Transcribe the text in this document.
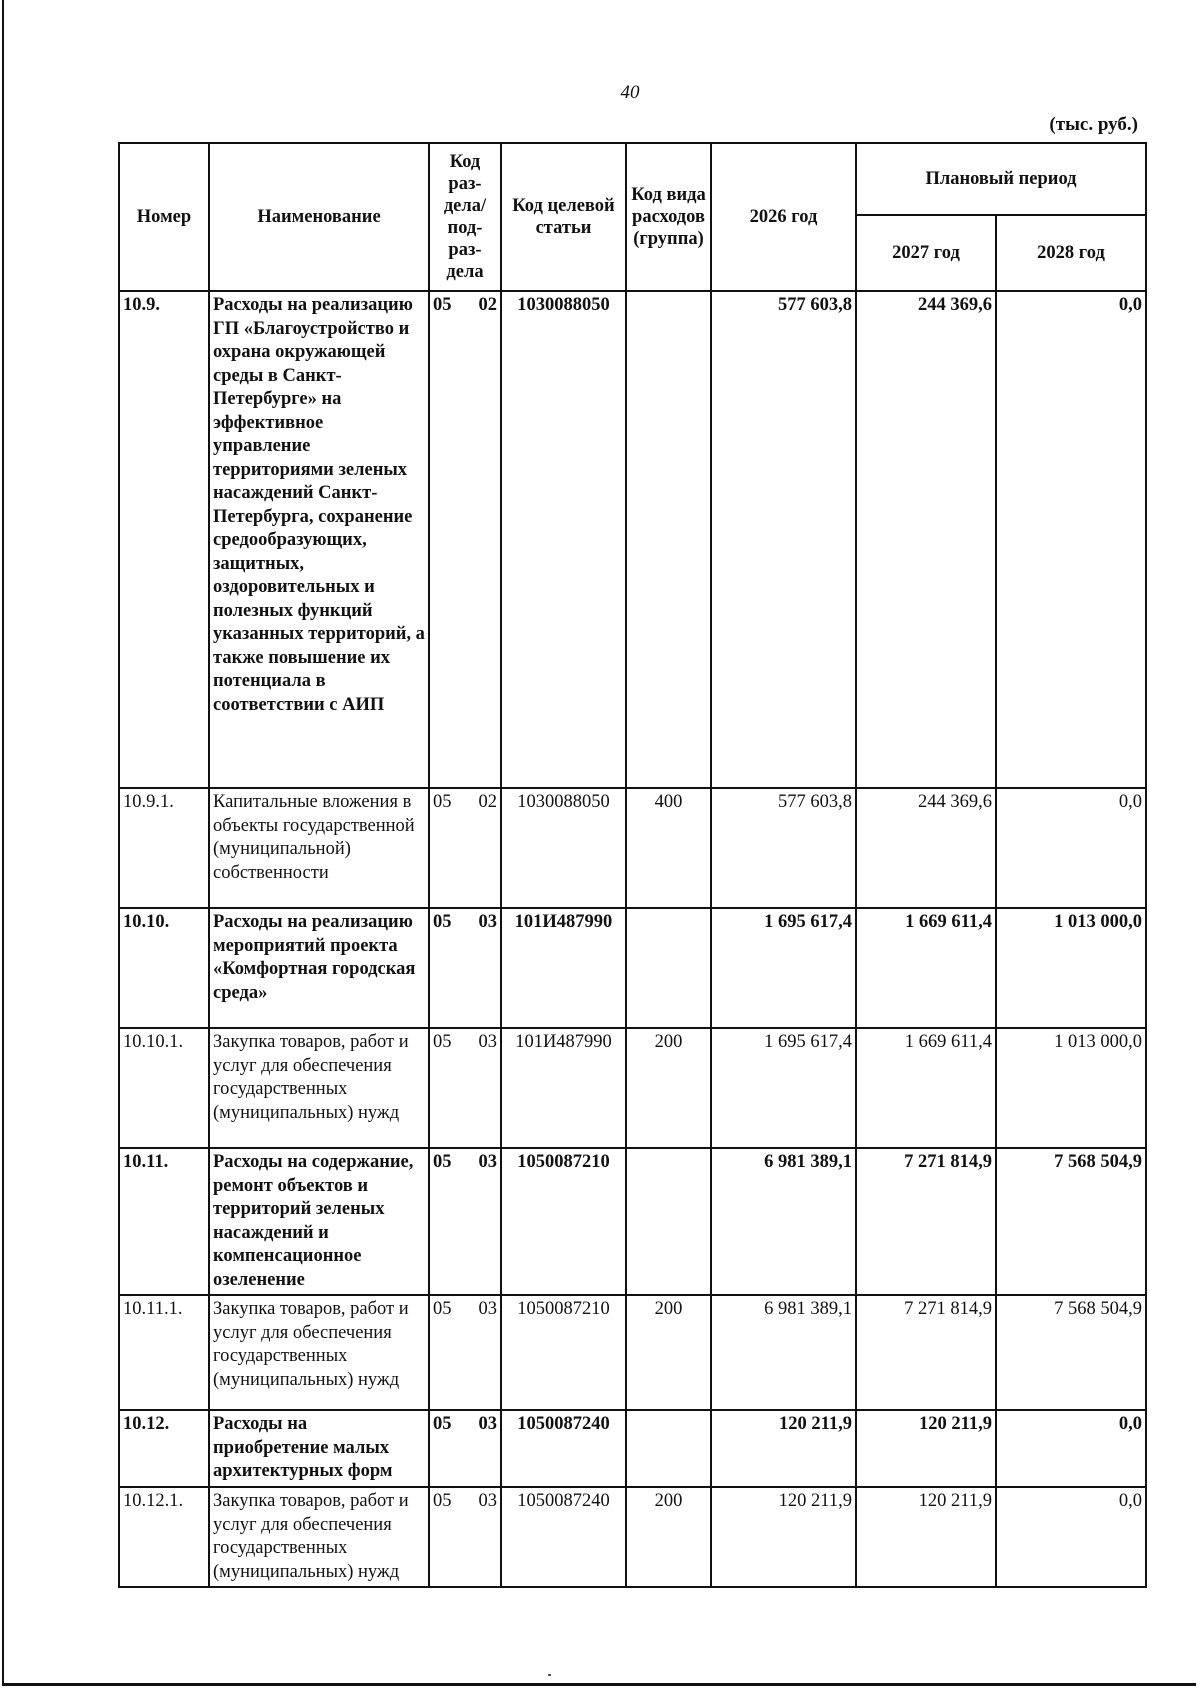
40
(тыс. руб.)
Номер	Наименование	Код раз-дела/ под-раз-дела	Код целевой статьи	Код вида расходов (группа)	2026 год	Плановый период	
						2027 год	2028 год
10.9.	Расходы на реализацию ГП «Благоустройство и охрана окружающей среды в Санкт-Петербурге» на эффективное управление территориями зеленых насаждений Санкт-Петербурга, сохранение средообразующих, защитных, оздоровительных и полезных функций указанных территорий, а также повышение их потенциала в соответствии с АИП	05 02	1030088050		577 603,8	244 369,6	0,0
10.9.1.	Капитальные вложения в объекты государственной (муниципальной) собственности	05 02	1030088050	400	577 603,8	244 369,6	0,0
10.10.	Расходы на реализацию мероприятий проекта «Комфортная городская среда»	05 03	101И487990		1 695 617,4	1 669 611,4	1 013 000,0
10.10.1.	Закупка товаров, работ и услуг для обеспечения государственных (муниципальных) нужд	05 03	101И487990	200	1 695 617,4	1 669 611,4	1 013 000,0
10.11.	Расходы на содержание, ремонт объектов и территорий зеленых насаждений и компенсационное озеленение	05 03	1050087210		6 981 389,1	7 271 814,9	7 568 504,9
10.11.1.	Закупка товаров, работ и услуг для обеспечения государственных (муниципальных) нужд	05 03	1050087210	200	6 981 389,1	7 271 814,9	7 568 504,9
10.12.	Расходы на приобретение малых архитектурных форм	05 03	1050087240		120 211,9	120 211,9	0,0
10.12.1.	Закупка товаров, работ и услуг для обеспечения государственных (муниципальных) нужд	05 03	1050087240	200	120 211,9	120 211,9	0,0
